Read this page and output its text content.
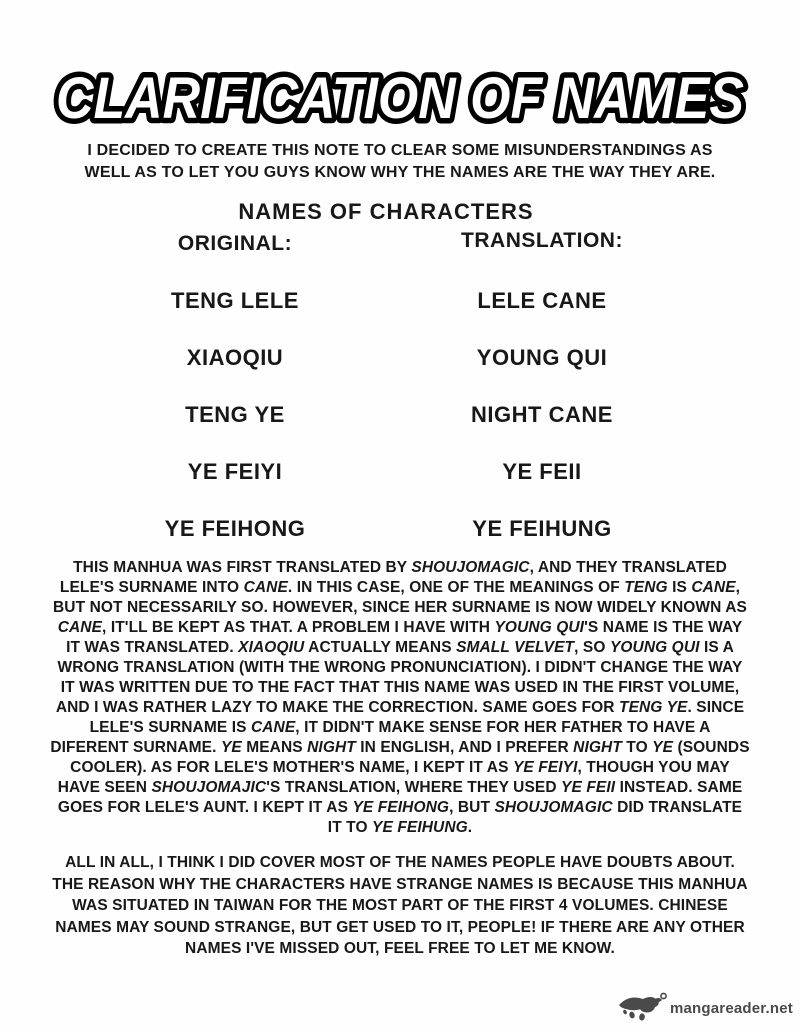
CLARIFICATION OF NAMES
I DECIDED TO CREATE THIS NOTE TO CLEAR SOME MISUNDERSTANDINGS AS
WELL AS TO LET YOU GUYS KNOW WHY THE NAMES ARE THE WAY THEY ARE.
NAMES OF CHARACTERS
ORIGINAL:	TRANSLATION:
TENG LELE	LELE CANE
XIAOQIU	YOUNG QUI
TENG YE	NIGHT CANE
YE FEIYI	YE FEII
YE FEIHONG	YE FEIHUNG
THIS MANHUA WAS FIRST TRANSLATED BY SHOUJOMAGIC, AND THEY TRANSLATED LELE'S SURNAME INTO CANE. IN THIS CASE, ONE OF THE MEANINGS OF TENG IS CANE, BUT NOT NECESSARILY SO. HOWEVER, SINCE HER SURNAME IS NOW WIDELY KNOWN AS CANE, IT'LL BE KEPT AS THAT. A PROBLEM I HAVE WITH YOUNG QUI'S NAME IS THE WAY IT WAS TRANSLATED. XIAOQIU ACTUALLY MEANS SMALL VELVET, SO YOUNG QUI IS A WRONG TRANSLATION (WITH THE WRONG PRONUNCIATION). I DIDN'T CHANGE THE WAY IT WAS WRITTEN DUE TO THE FACT THAT THIS NAME WAS USED IN THE FIRST VOLUME, AND I WAS RATHER LAZY TO MAKE THE CORRECTION. SAME GOES FOR TENG YE. SINCE LELE'S SURNAME IS CANE, IT DIDN'T MAKE SENSE FOR HER FATHER TO HAVE A DIFERENT SURNAME. YE MEANS NIGHT IN ENGLISH, AND I PREFER NIGHT TO YE (SOUNDS COOLER). AS FOR LELE'S MOTHER'S NAME, I KEPT IT AS YE FEIYI, THOUGH YOU MAY HAVE SEEN SHOUJOMAJIC'S TRANSLATION, WHERE THEY USED YE FEII INSTEAD. SAME GOES FOR LELE'S AUNT. I KEPT IT AS YE FEIHONG, BUT SHOUJOMAGIC DID TRANSLATE IT TO YE FEIHUNG.
ALL IN ALL, I THINK I DID COVER MOST OF THE NAMES PEOPLE HAVE DOUBTS ABOUT. THE REASON WHY THE CHARACTERS HAVE STRANGE NAMES IS BECAUSE THIS MANHUA WAS SITUATED IN TAIWAN FOR THE MOST PART OF THE FIRST 4 VOLUMES. CHINESE NAMES MAY SOUND STRANGE, BUT GET USED TO IT, PEOPLE! IF THERE ARE ANY OTHER NAMES I'VE MISSED OUT, FEEL FREE TO LET ME KNOW.
mangareader.net
